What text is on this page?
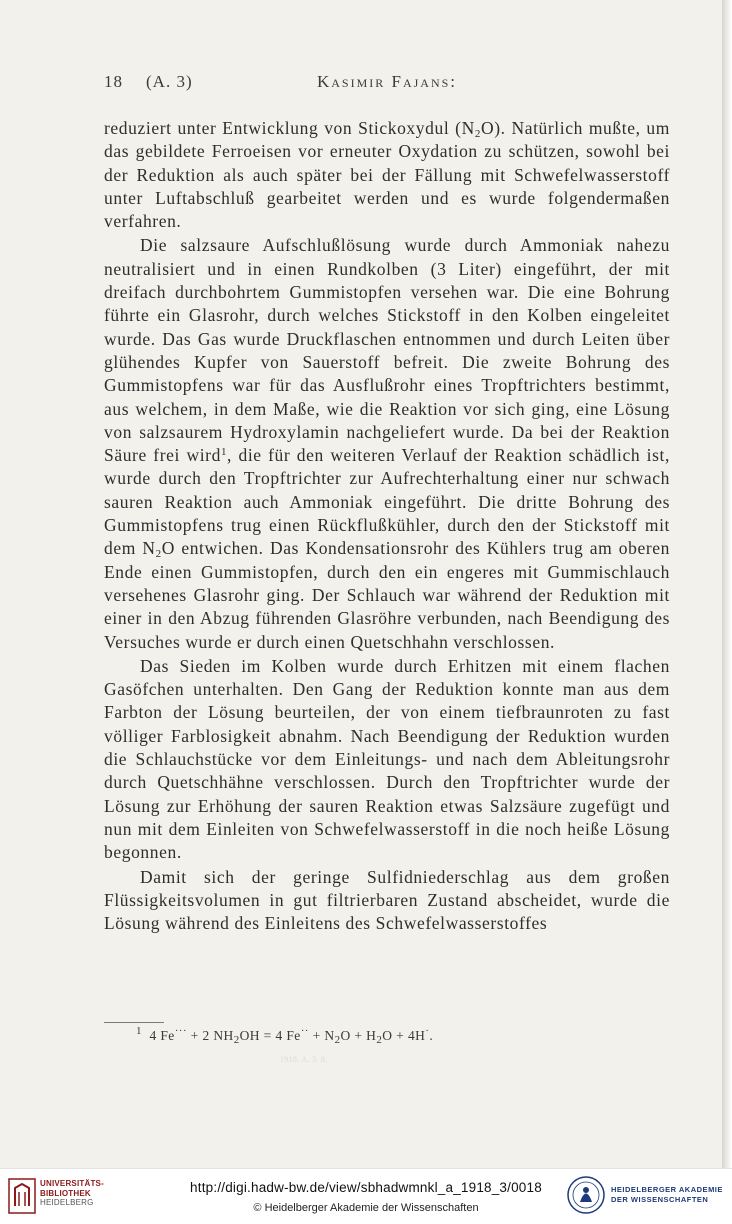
18 (A. 3)	Kasimir Fajans:

reduziert unter Entwicklung von Stickoxydul $(N_2O)$. Natürlich mußte, um das gebildete Ferroeisen vor erneuter Oxydation zu schützen, sowohl bei der Reduktion als auch später bei der Fällung mit Schwefelwasserstoff unter Luftabschluß gearbeitet werden und es wurde folgendermaßen verfahren.

Die salzsaure Aufschlußlösung wurde durch Ammoniak nahezu neutralisiert und in einen Rundkolben (3 Liter) eingeführt, der mit dreifach durchbohrtem Gummistopfen versehen war. Die eine Bohrung führte ein Glasrohr, durch welches Stickstoff in den Kolben eingeleitet wurde. Das Gas wurde Druckflaschen entnommen und durch Leiten über glühendes Kupfer von Sauerstoff befreit. Die zweite Bohrung des Gummistopfens war für das Ausflußrohr eines Tropftrichters bestimmt, aus welchem, in dem Maße, wie die Reaktion vor sich ging, eine Lösung von salzsaurem Hydroxylamin nachgeliefert wurde. Da bei der Reaktion Säure frei wird$^1$, die für den weiteren Verlauf der Reaktion schädlich ist, wurde durch den Tropftrichter zur Aufrechterhaltung einer nur schwach sauren Reaktion auch Ammoniak eingeführt. Die dritte Bohrung des Gummistopfens trug einen Rückflußkühler, durch den der Stickstoff mit dem $N_2O$ entwichen. Das Kondensationsrohr des Kühlers trug am oberen Ende einen Gummistopfen, durch den ein engeres mit Gummischlauch versehenes Glasrohr ging. Der Schlauch war während der Reduktion mit einer in den Abzug führenden Glasröhre verbunden, nach Beendigung des Versuches wurde er durch einen Quetschhahn verschlossen.

Das Sieden im Kolben wurde durch Erhitzen mit einem flachen Gasöfchen unterhalten. Den Gang der Reduktion konnte man aus dem Farbton der Lösung beurteilen, der von einem tiefbraunroten zu fast völliger Farblosigkeit abnahm. Nach Beendigung der Reduktion wurden die Schlauchstücke vor dem Einleitungs- und nach dem Ableitungsrohr durch Quetschhähne verschlossen. Durch den Tropftrichter wurde der Lösung zur Erhöhung der sauren Reaktion etwas Salzsäure zugefügt und nun mit dem Einleiten von Schwefelwasserstoff in die noch heiße Lösung begonnen.

Damit sich der geringe Sulfidniederschlag aus dem großen Flüssigkeitsvolumen in gut filtrierbaren Zustand abscheidet, wurde die Lösung während des Einleitens des Schwefelwasserstoffes

$^1$ 4 Fe··· + 2 $NH_2OH = 4$ $Fe^{\cdot\cdot} + N_2O + H_2O + 4H^\cdot$.
1918. A. 3. 8.
UNIVERSITÄTS-
BIBLIOTHEK
HEIDELBERG
http://digi.hadw-bw.de/view/sbhadwmnkl_a_1918_3/0018
© Heidelberger Akademie der Wissenschaften
HEIDELBERGER AKADEMIE
DER WISSENSCHAFTEN
